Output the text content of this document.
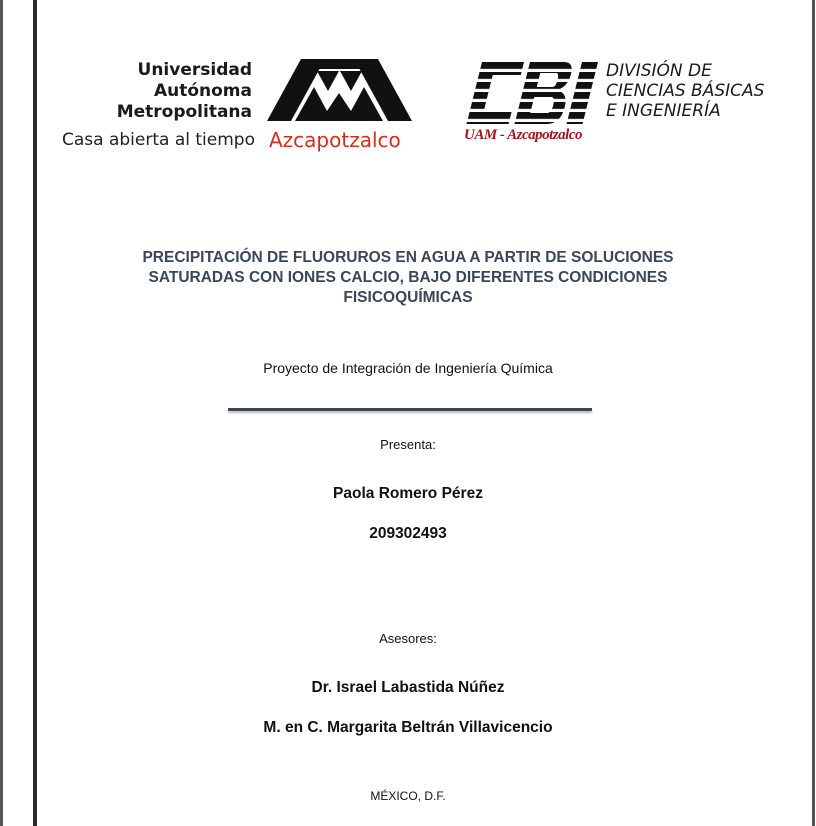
Universidad
Autónoma
Metropolitana
Casa abierta al tiempo Azcapotzalco
DIVISIÓN DE
CIENCIAS BÁSICAS
E INGENIERÍA
UAM - Azcapotzalco
PRECIPITACIÓN DE FLUORUROS EN AGUA A PARTIR DE SOLUCIONES
SATURADAS CON IONES CALCIO, BAJO DIFERENTES CONDICIONES
FISICOQUÍMICAS
Proyecto de Integración de Ingeniería Química
Presenta:
Paola Romero Pérez
209302493
Asesores:
Dr. Israel Labastida Núñez
M. en C. Margarita Beltrán Villavicencio
MÉXICO, D.F.
